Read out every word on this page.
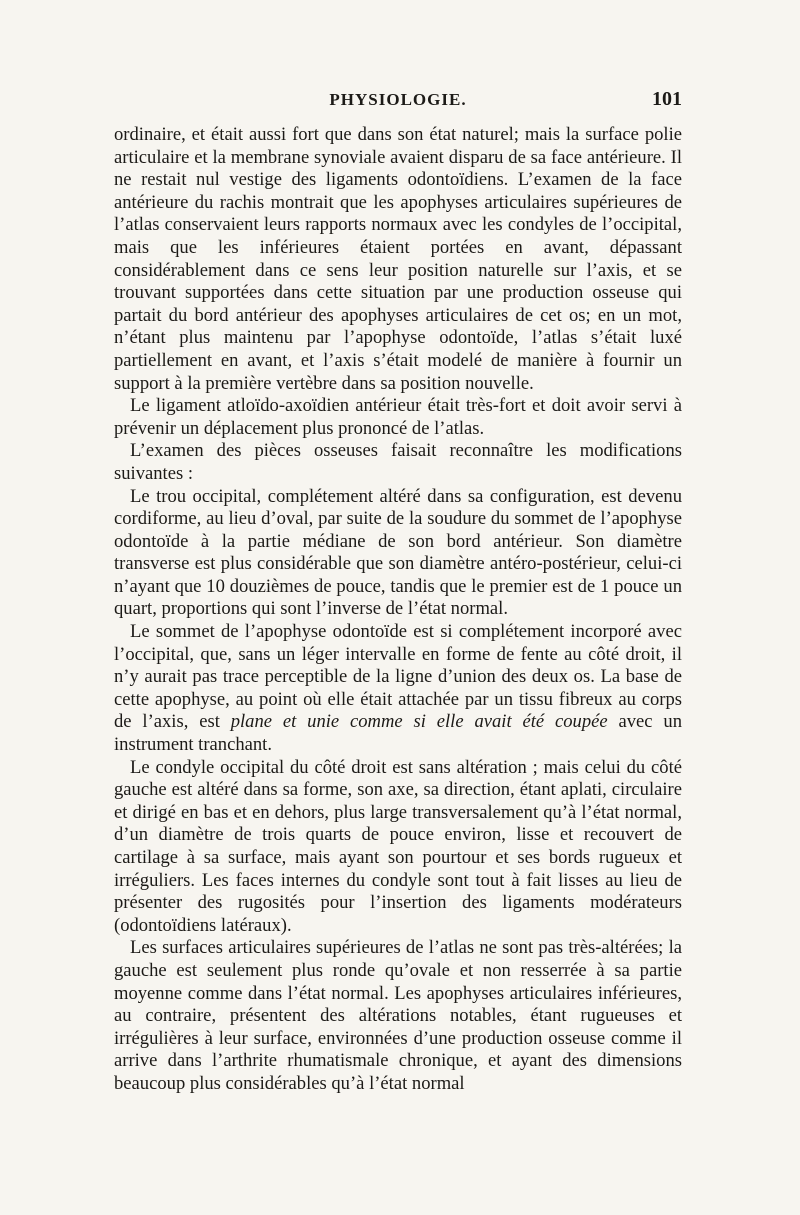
PHYSIOLOGIE.	101

ordinaire, et était aussi fort que dans son état naturel; mais la surface polie articulaire et la membrane synoviale avaient disparu de sa face antérieure. Il ne restait nul vestige des ligaments odontoïdiens. L’examen de la face antérieure du rachis montrait que les apophyses articulaires supérieures de l’atlas conservaient leurs rapports normaux avec les condyles de l’occipital, mais que les inférieures étaient portées en avant, dépassant considérablement dans ce sens leur position naturelle sur l’axis, et se trouvant supportées dans cette situation par une production osseuse qui partait du bord antérieur des apophyses articulaires de cet os; en un mot, n’étant plus maintenu par l’apophyse odontoïde, l’atlas s’était luxé partiellement en avant, et l’axis s’était modelé de manière à fournir un support à la première vertèbre dans sa position nouvelle.

Le ligament atloïdo-axoïdien antérieur était très-fort et doit avoir servi à prévenir un déplacement plus prononcé de l’atlas.

L’examen des pièces osseuses faisait reconnaître les modifications suivantes :

Le trou occipital, complétement altéré dans sa configuration, est devenu cordiforme, au lieu d’oval, par suite de la soudure du sommet de l’apophyse odontoïde à la partie médiane de son bord antérieur. Son diamètre transverse est plus considérable que son diamètre antéro-postérieur, celui-ci n’ayant que 10 douzièmes de pouce, tandis que le premier est de 1 pouce un quart, proportions qui sont l’inverse de l’état normal.

Le sommet de l’apophyse odontoïde est si complétement incorporé avec l’occipital, que, sans un léger intervalle en forme de fente au côté droit, il n’y aurait pas trace perceptible de la ligne d’union des deux os. La base de cette apophyse, au point où elle était attachée par un tissu fibreux au corps de l’axis, est plane et unie comme si elle avait été coupée avec un instrument tranchant.

Le condyle occipital du côté droit est sans altération ; mais celui du côté gauche est altéré dans sa forme, son axe, sa direction, étant aplati, circulaire et dirigé en bas et en dehors, plus large transversalement qu’à l’état normal, d’un diamètre de trois quarts de pouce environ, lisse et recouvert de cartilage à sa surface, mais ayant son pourtour et ses bords rugueux et irréguliers. Les faces internes du condyle sont tout à fait lisses au lieu de présenter des rugosités pour l’insertion des ligaments modérateurs (odontoïdiens latéraux).

Les surfaces articulaires supérieures de l’atlas ne sont pas très-altérées; la gauche est seulement plus ronde qu’ovale et non resserrée à sa partie moyenne comme dans l’état normal. Les apophyses articulaires inférieures, au contraire, présentent des altérations notables, étant rugueuses et irrégulières à leur surface, environnées d’une production osseuse comme il arrive dans l’arthrite rhumatismale chronique, et ayant des dimensions beaucoup plus considérables qu’à l’état normal
